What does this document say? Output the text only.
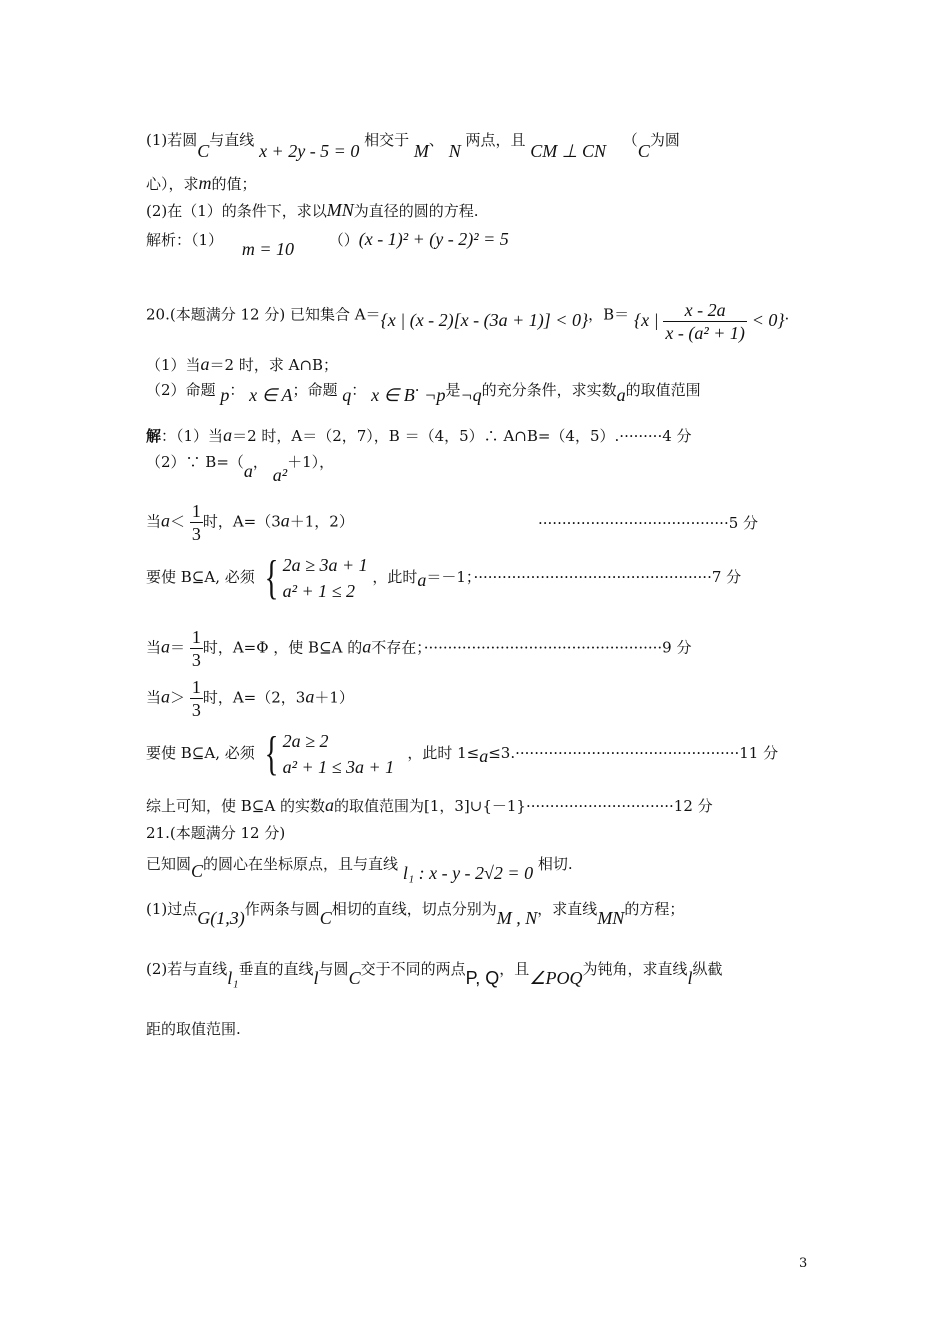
(1)若圆C与直线 x + 2y - 5 = 0 相交于 M、 N 两点，且 CM ⊥ CN （C为圆
心），求m的值；
(2)在（1）的条件下，求以MN为直径的圆的方程.
解析：（1） m = 10 （）(x - 1)² + (y - 2)² = 5
20.(本题满分 12 分) 已知集合 A＝{x | (x - 2)[x - (3a + 1)] < 0}，B＝ {x | $\frac{x - 2a}{\text{x - (a² + 1)}} < 0$}.
（1）当a＝2 时，求 A∩B；
（2）命题 p： x ∈ A；命题 q： x ∈ B· ¬p是¬q的充分条件，求实数a的取值范围
解：（1）当a＝2 时，A＝（2，7），B ＝（4，5）∴ A∩B=（4，5）.·········4 分
（2）∵ B=（a， a²＋1），
当$a< \frac{1}{3}$ 时，A=（3a＋1，2）	········································5 分
要使 B⊆A, 必须 { 2a ≥ 3a + 1
a² + 1 ≤ 2
，此时a＝－1；··················································7 分
当$a= \frac{1}{3}$ 时，A=Φ ，使 B⊆A 的a不存在；··················································9 分
当$a> \frac{1}{3}$ 时，A=（2，3a＋1）
要使 B⊆A, 必须 { 2a ≥ 2
a² + 1 ≤ 3a + 1
，此时 1≤a≤3.···············································11 分
综上可知，使 B⊆A 的实数a的取值范围为[1，3]∪{－1}·······························12 分
21.(本题满分 12 分)
已知圆C的圆心在坐标原点，且与直线 l₁ : x - y - 2√2 = 0 相切.
(1)过点G(1,3)作两条与圆C相切的直线，切点分别为M , N，求直线MN的方程；
(2)若与直线l₁垂直的直线l与圆C交于不同的两点P, Q，且∠POQ为钝角，求直线l纵截
距的取值范围.
3
